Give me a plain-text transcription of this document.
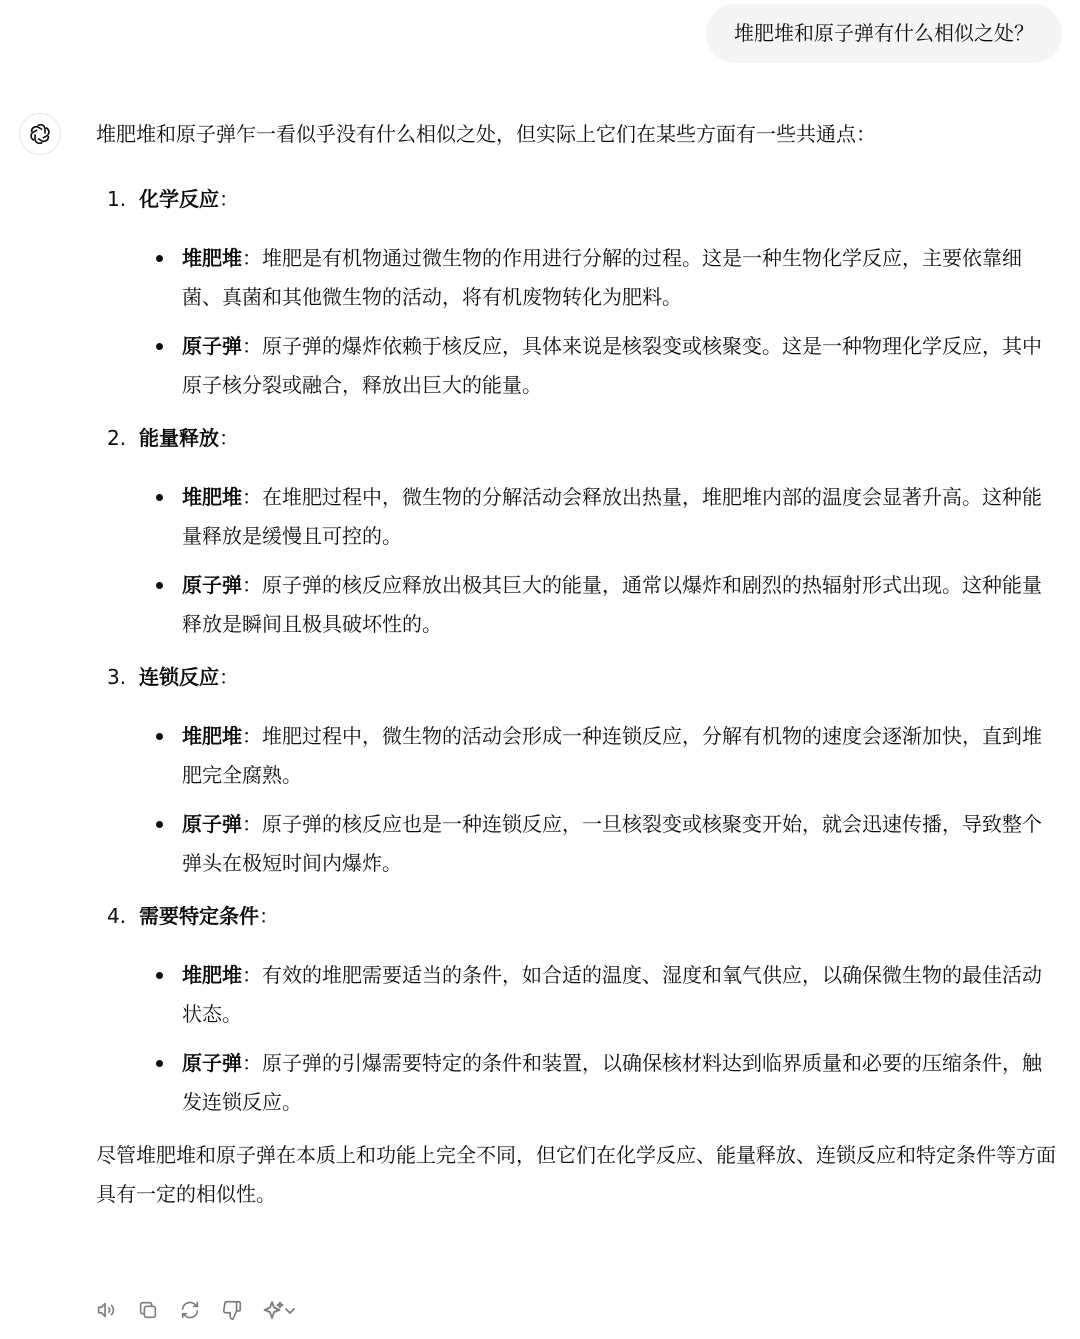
堆肥堆和原子弹有什么相似之处？

堆肥堆和原子弹乍一看似乎没有什么相似之处，但实际上它们在某些方面有一些共通点：

1. 化学反应：
堆肥堆：堆肥是有机物通过微生物的作用进行分解的过程。这是一种生物化学反应，主要依靠细菌、真菌和其他微生物的活动，将有机废物转化为肥料。
原子弹：原子弹的爆炸依赖于核反应，具体来说是核裂变或核聚变。这是一种物理化学反应，其中原子核分裂或融合，释放出巨大的能量。
2. 能量释放：
堆肥堆：在堆肥过程中，微生物的分解活动会释放出热量，堆肥堆内部的温度会显著升高。这种能量释放是缓慢且可控的。
原子弹：原子弹的核反应释放出极其巨大的能量，通常以爆炸和剧烈的热辐射形式出现。这种能量释放是瞬间且极具破坏性的。
3. 连锁反应：
堆肥堆：堆肥过程中，微生物的活动会形成一种连锁反应，分解有机物的速度会逐渐加快，直到堆肥完全腐熟。
原子弹：原子弹的核反应也是一种连锁反应，一旦核裂变或核聚变开始，就会迅速传播，导致整个弹头在极短时间内爆炸。
4. 需要特定条件：
堆肥堆：有效的堆肥需要适当的条件，如合适的温度、湿度和氧气供应，以确保微生物的最佳活动状态。
原子弹：原子弹的引爆需要特定的条件和装置，以确保核材料达到临界质量和必要的压缩条件，触发连锁反应。

尽管堆肥堆和原子弹在本质上和功能上完全不同，但它们在化学反应、能量释放、连锁反应和特定条件等方面具有一定的相似性。
